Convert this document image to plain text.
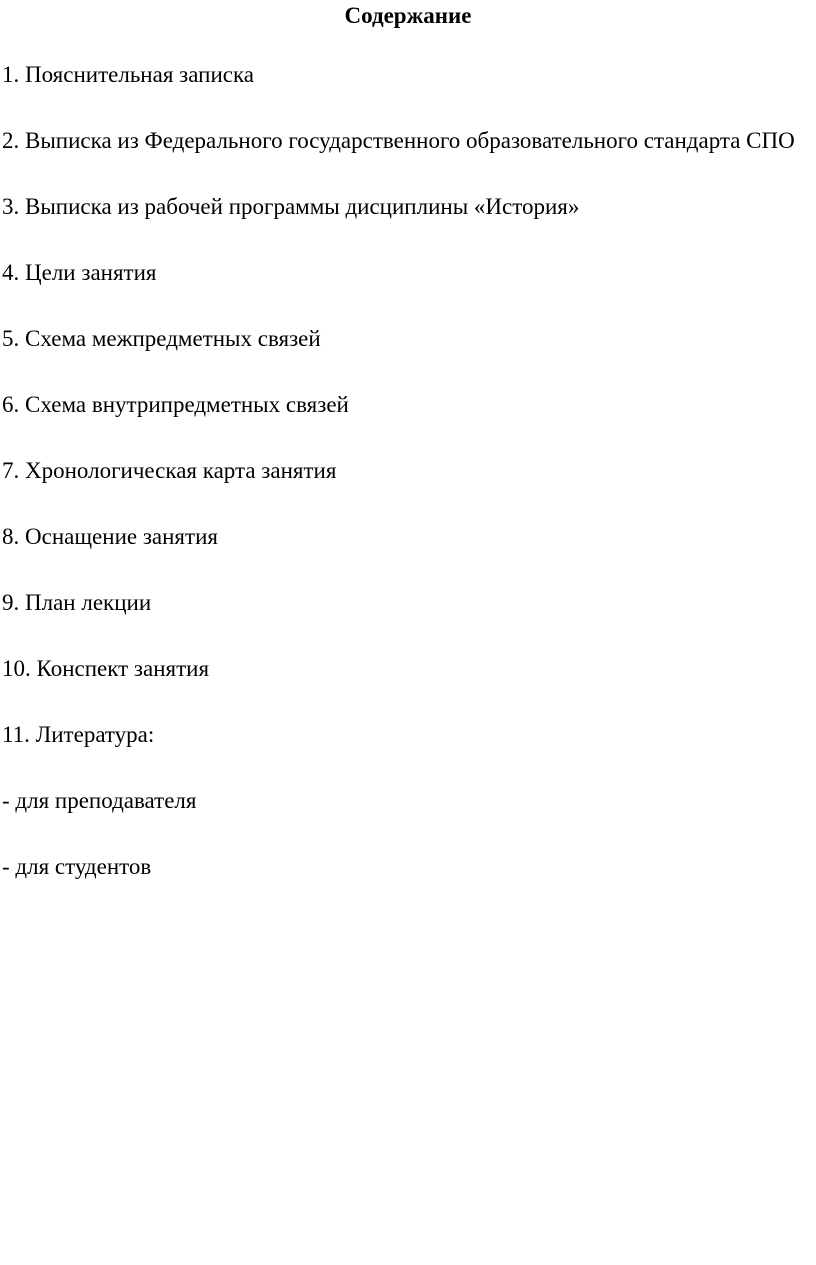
Содержание
1. Пояснительная записка
2. Выписка из Федерального государственного образовательного стандарта СПО
3. Выписка из рабочей программы дисциплины «История»
4. Цели занятия
5. Схема межпредметных связей
6. Схема внутрипредметных связей
7. Хронологическая карта занятия
8. Оснащение занятия
9. План лекции
10. Конспект занятия
11. Литература:
- для преподавателя
- для студентов
